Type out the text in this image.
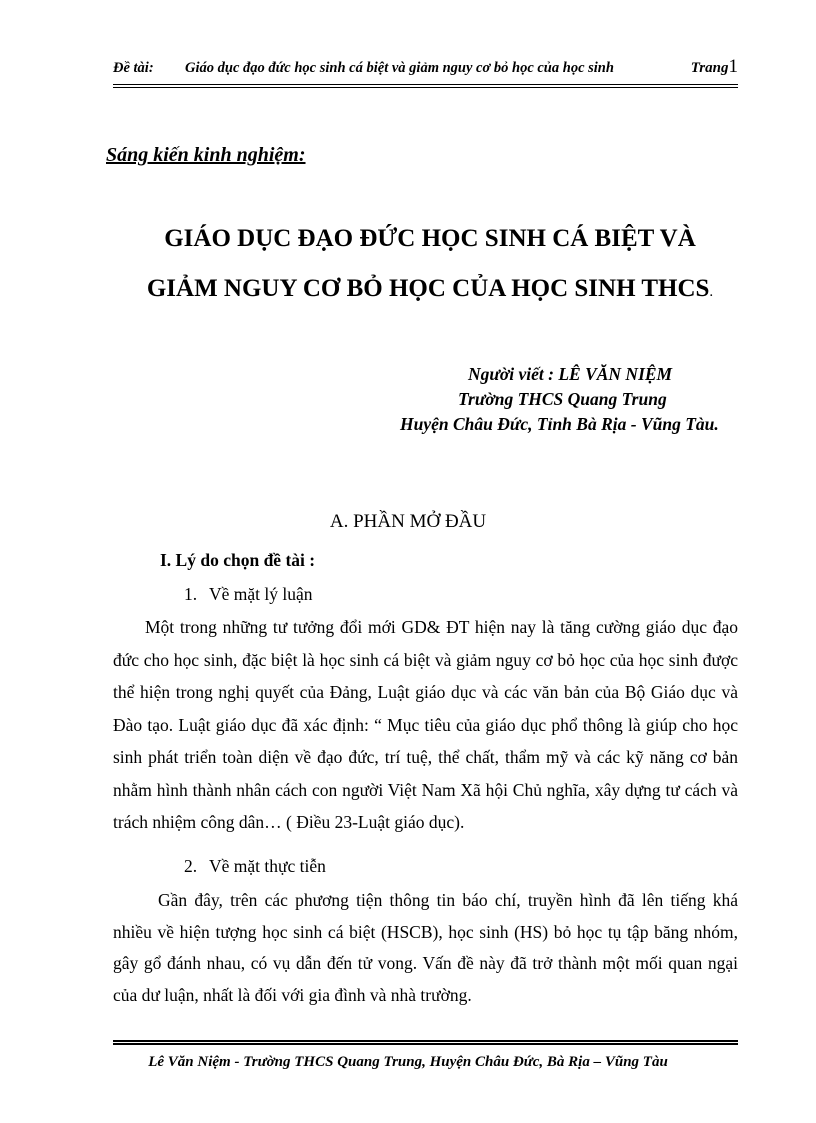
Đề tài: Giáo dục đạo đức học sinh cá biệt và giảm nguy cơ bỏ học của học sinh	Trang1
Sáng kiến kinh nghiệm:
GIÁO DỤC ĐẠO ĐỨC HỌC SINH CÁ BIỆT VÀ
GIẢM NGUY CƠ BỎ HỌC CỦA HỌC SINH THCS.
Người viết : LÊ VĂN NIỆM
Trường THCS Quang Trung
Huyện Châu Đức, Tỉnh Bà Rịa - Vũng Tàu.
A. PHẦN MỞ ĐẦU
I. Lý do chọn đề tài :
1. Về mặt lý luận
Một trong những tư tưởng đổi mới GD& ĐT hiện nay là tăng cường giáo dục đạo đức cho học sinh, đặc biệt là học sinh cá biệt và giảm nguy cơ bỏ học của học sinh được thể hiện trong nghị quyết của Đảng, Luật giáo dục và các văn bản của Bộ Giáo dục và Đào tạo. Luật giáo dục đã xác định: “ Mục tiêu của giáo dục phổ thông là giúp cho học sinh phát triển toàn diện về đạo đức, trí tuệ, thể chất, thẩm mỹ và các kỹ năng cơ bản nhằm hình thành nhân cách con người Việt Nam Xã hội Chủ nghĩa, xây dựng tư cách và trách nhiệm công dân… ( Điều 23-Luật giáo dục).
2. Về mặt thực tiễn
Gần đây, trên các phương tiện thông tin báo chí, truyền hình đã lên tiếng khá nhiều về hiện tượng học sinh cá biệt (HSCB), học sinh (HS) bỏ học tụ tập băng nhóm, gây gổ đánh nhau, có vụ dẫn đến tử vong. Vấn đề này đã trở thành một mối quan ngại của dư luận, nhất là đối với gia đình và nhà trường.
Lê Văn Niệm - Trường THCS Quang Trung, Huyện Châu Đức, Bà Rịa – Vũng Tàu
